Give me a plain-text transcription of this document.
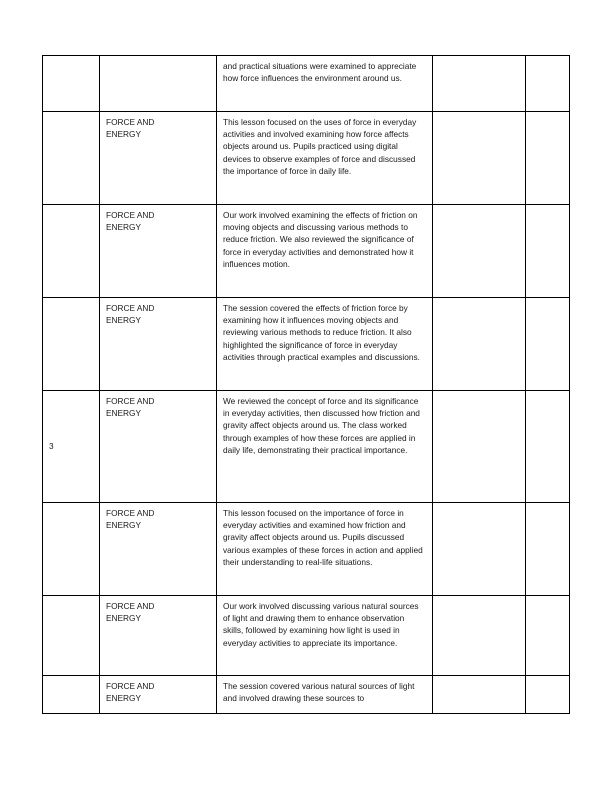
		and practical situations were examined to appreciate how force influences the environment around us.		

	FORCE AND
ENERGY	This lesson focused on the uses of force in everyday activities and involved examining how force affects objects around us. Pupils practiced using digital devices to observe examples of force and discussed the importance of force in daily life.		

	FORCE AND
ENERGY	Our work involved examining the effects of friction on moving objects and discussing various methods to reduce friction. We also reviewed the significance of force in everyday activities and demonstrated how it influences motion.		

	FORCE AND
ENERGY	The session covered the effects of friction force by examining how it influences moving objects and reviewing various methods to reduce friction. It also highlighted the significance of force in everyday activities through practical examples and discussions.		

3	FORCE AND
ENERGY	We reviewed the concept of force and its significance in everyday activities, then discussed how friction and gravity affect objects around us. The class worked through examples of how these forces are applied in daily life, demonstrating their practical importance.		

	FORCE AND
ENERGY	This lesson focused on the importance of force in everyday activities and examined how friction and gravity affect objects around us. Pupils discussed various examples of these forces in action and applied their understanding to real-life situations.		

	FORCE AND
ENERGY	Our work involved discussing various natural sources of light and drawing them to enhance observation skills, followed by examining how light is used in everyday activities to appreciate its importance.		

	FORCE AND
ENERGY	The session covered various natural sources of light and involved drawing these sources to		
